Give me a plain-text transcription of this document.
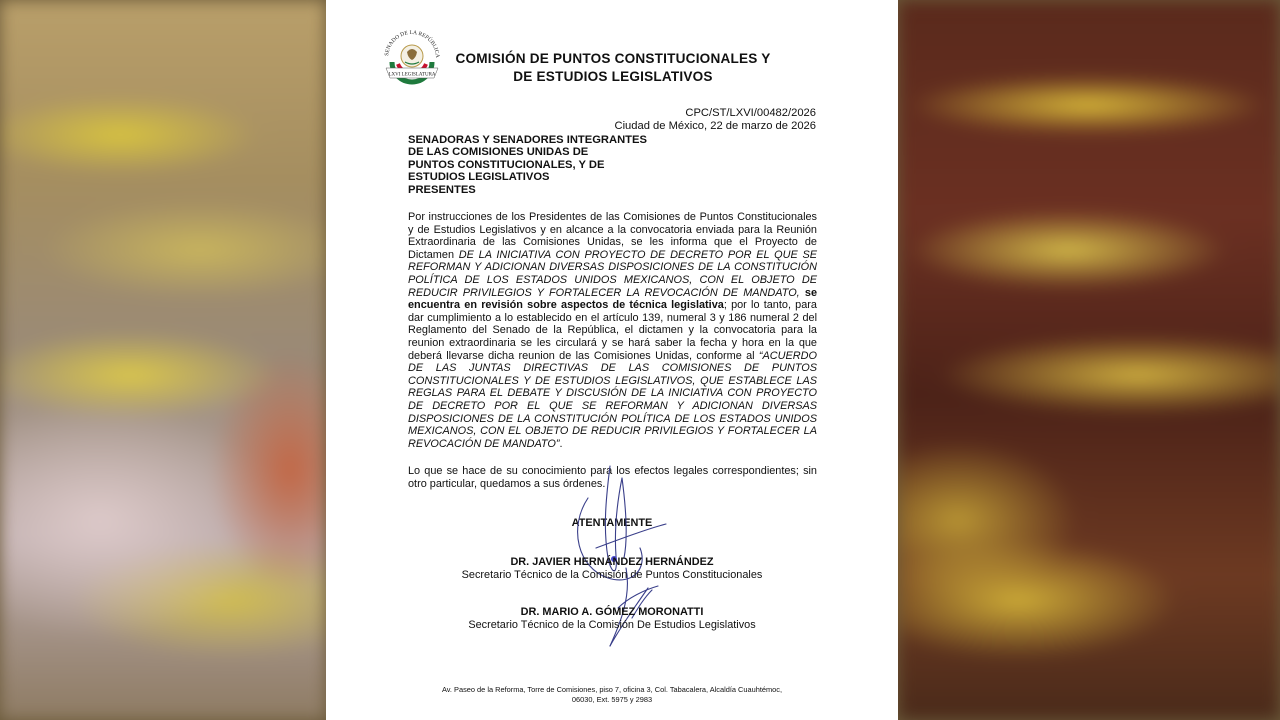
SENADO DE LA REPÚBLICA
LXVI LEGISLATURA
COMISIÓN DE PUNTOS CONSTITUCIONALES Y
DE ESTUDIOS LEGISLATIVOS
CPC/ST/LXVI/00482/2026
Ciudad de México, 22 de marzo de 2026
SENADORAS Y SENADORES INTEGRANTES
DE LAS COMISIONES UNIDAS DE
PUNTOS CONSTITUCIONALES, Y DE
ESTUDIOS LEGISLATIVOS
PRESENTES
Por instrucciones de los Presidentes de las Comisiones de Puntos Constitucionales y de Estudios Legislativos y en alcance a la convocatoria enviada para la Reunión Extraordinaria de las Comisiones Unidas, se les informa que el Proyecto de Dictamen DE LA INICIATIVA CON PROYECTO DE DECRETO POR EL QUE SE REFORMAN Y ADICIONAN DIVERSAS DISPOSICIONES DE LA CONSTITUCIÓN POLÍTICA DE LOS ESTADOS UNIDOS MEXICANOS, CON EL OBJETO DE REDUCIR PRIVILEGIOS Y FORTALECER LA REVOCACIÓN DE MANDATO, se encuentra en revisión sobre aspectos de técnica legislativa; por lo tanto, para dar cumplimiento a lo establecido en el artículo 139, numeral 3 y 186 numeral 2 del Reglamento del Senado de la República, el dictamen y la convocatoria para la reunion extraordinaria se les circulará y se hará saber la fecha y hora en la que deberá llevarse dicha reunion de las Comisiones Unidas, conforme al “ACUERDO DE LAS JUNTAS DIRECTIVAS DE LAS COMISIONES DE PUNTOS CONSTITUCIONALES Y DE ESTUDIOS LEGISLATIVOS, QUE ESTABLECE LAS REGLAS PARA EL DEBATE Y DISCUSIÓN DE LA INICIATIVA CON PROYECTO DE DECRETO POR EL QUE SE REFORMAN Y ADICIONAN DIVERSAS DISPOSICIONES DE LA CONSTITUCIÓN POLÍTICA DE LOS ESTADOS UNIDOS MEXICANOS, CON EL OBJETO DE REDUCIR PRIVILEGIOS Y FORTALECER LA REVOCACIÓN DE MANDATO”.
Lo que se hace de su conocimiento para los efectos legales correspondientes; sin otro particular, quedamos a sus órdenes.
ATENTAMENTE
DR. JAVIER HERNÁNDEZ HERNÁNDEZ
Secretario Técnico de la Comisión de Puntos Constitucionales
DR. MARIO A. GÓMEZ MORONATTI
Secretario Técnico de la Comisión De Estudios Legislativos
Av. Paseo de la Reforma, Torre de Comisiones, piso 7, oficina 3, Col. Tabacalera, Alcaldía Cuauhtémoc,
06030, Ext. 5975 y 2983
